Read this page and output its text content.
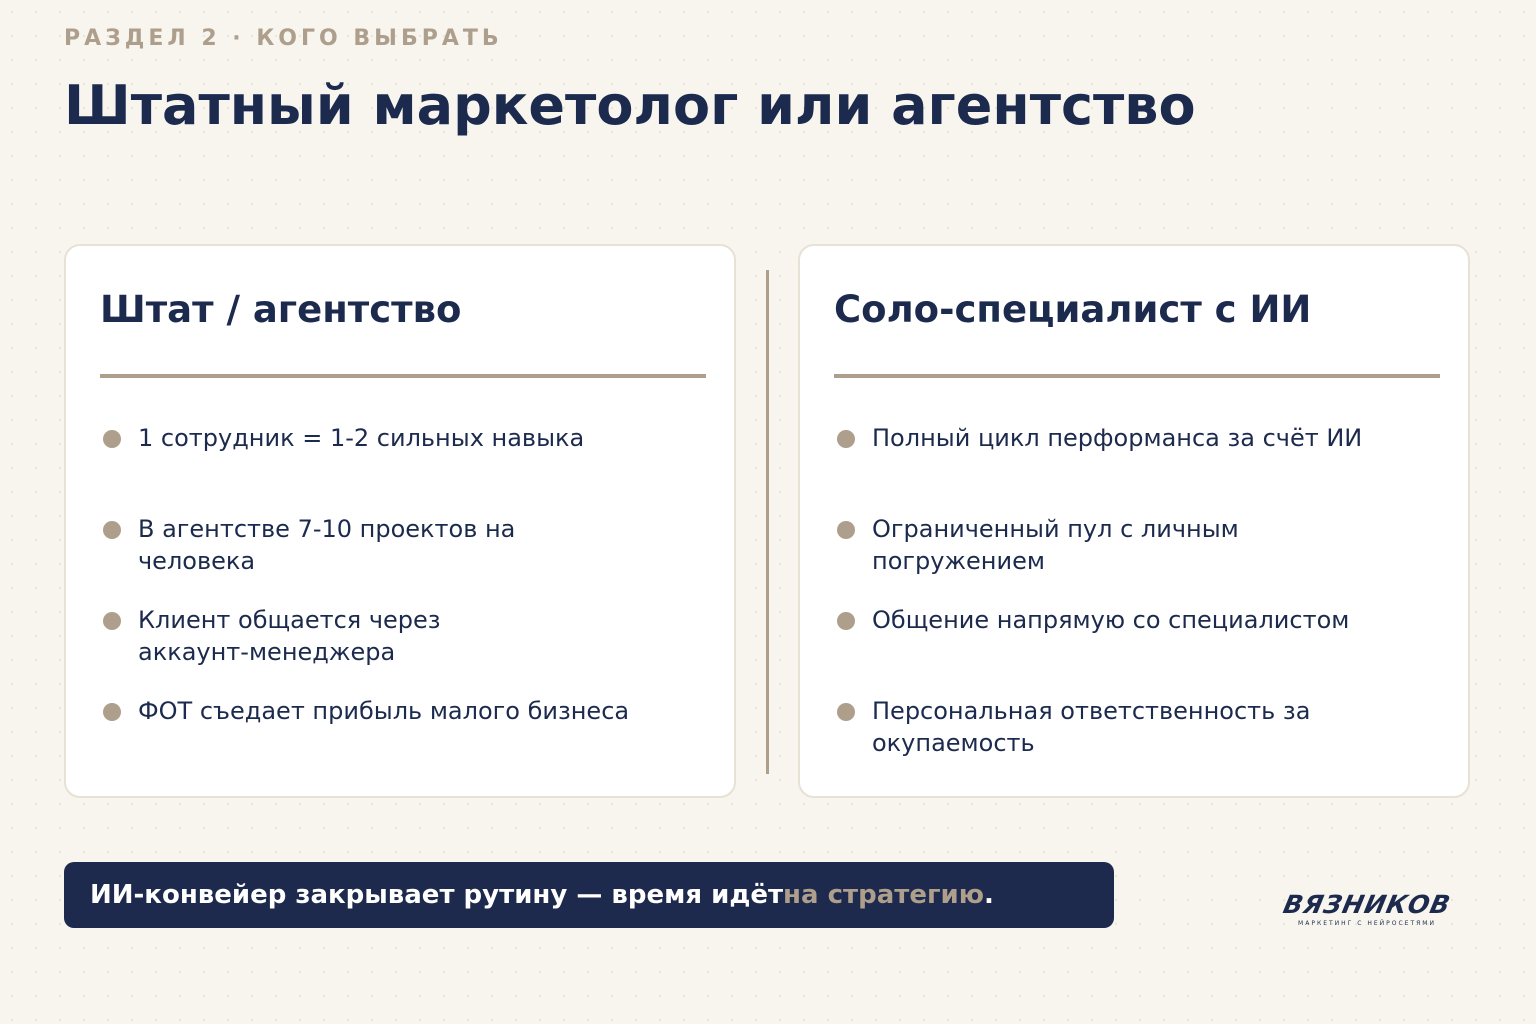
РАЗДЕЛ 2 · КОГО ВЫБРАТЬ
Штатный маркетолог или агентство
Штат / агентство
1 сотрудник = 1-2 сильных навыка
В агентстве 7-10 проектов на человека
Клиент общается через аккаунт-менеджера
ФОТ съедает прибыль малого бизнеса
Соло-специалист с ИИ
Полный цикл перформанса за счёт ИИ
Ограниченный пул с личным погружением
Общение напрямую со специалистом
Персональная ответственность за окупаемость
ИИ-конвейер закрывает рутину — время идёт на стратегию .	ВЯЗНИКОВ
МАРКЕТИНГ С НЕЙРОСЕТЯМИ
